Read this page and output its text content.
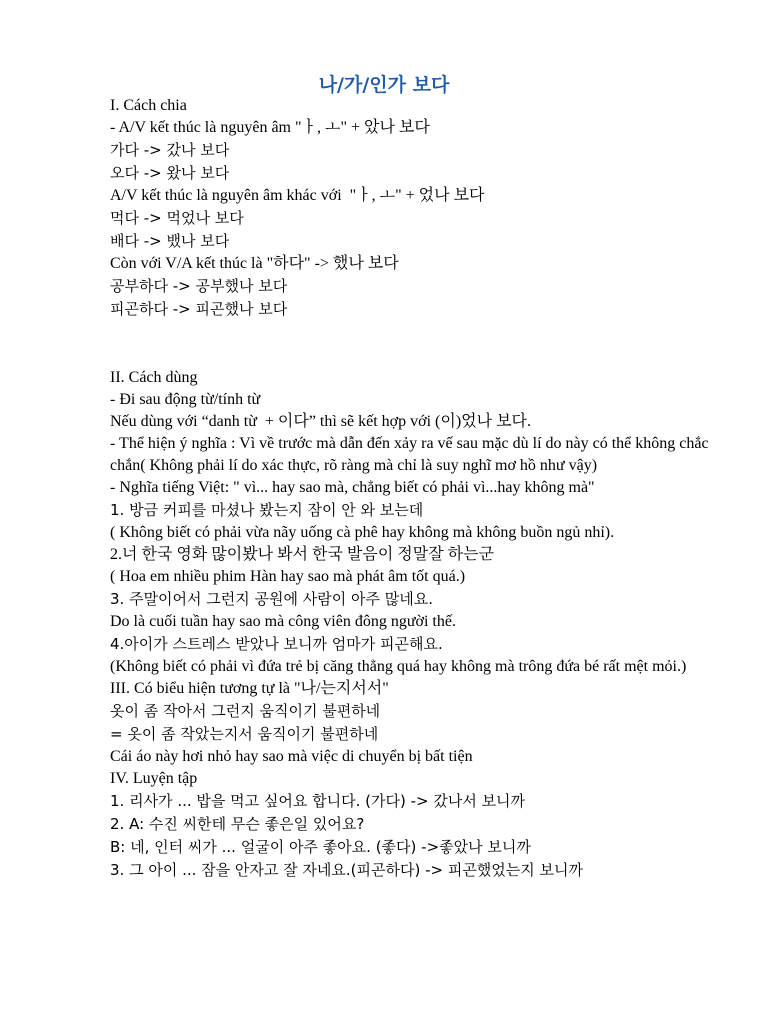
나/가/인가 보다
I. Cách chia
- A/V kết thúc là nguyên âm "ㅏ, ㅗ" + 았나 보다
가다 -> 갔나 보다
오다 -> 왔나 보다
A/V kết thúc là nguyên âm khác với  "ㅏ, ㅗ" + 었나 보다
먹다 -> 먹었나 보다
배다 -> 뱄나 보다
Còn với V/A kết thúc là "하다" -> 했나 보다
공부하다 -> 공부했나 보다
피곤하다 -> 피곤했나 보다
II. Cách dùng
- Đi sau động từ/tính từ
Nếu dùng với “danh từ  + 이다” thì sẽ kết hợp với (이)었나 보다.
- Thể hiện ý nghĩa : Vì về trước mà dẫn đến xảy ra vế sau mặc dù lí do này có thể không chắc chắn( Không phải lí do xác thực, rõ ràng mà chỉ là suy nghĩ mơ hồ như vậy)
- Nghĩa tiếng Việt: " vì... hay sao mà, chẳng biết có phải vì...hay không mà"
1. 방금 커피를 마셨나 봤는지 잠이 안 와 보는데
( Không biết có phải vừa nãy uống cà phê hay không mà không buồn ngủ nhỉ).
2.너 한국 영화 많이봤나 봐서 한국 발음이 정말잘 하는군
( Hoa em nhiều phim Hàn hay sao mà phát âm tốt quá.)
3. 주말이어서 그런지 공원에 사람이 아주 많네요.
Do là cuối tuần hay sao mà công viên đông người thế.
4.아이가 스트레스 받았나 보니까 엄마가 피곤해요.
(Không biết có phải vì đứa trẻ bị căng thẳng quá hay không mà trông đứa bé rất mệt mỏi.)
III. Có biểu hiện tương tự là "나/는지서서"
옷이 좀 작아서 그런지 움직이기 불편하네
= 옷이 좀 작았는지서 움직이기 불편하네
Cái áo này hơi nhỏ hay sao mà việc di chuyển bị bất tiện
IV. Luyện tập
1. 리사가 ... 밥을 먹고 싶어요 합니다. (가다) -> 갔나서 보니까
2. A: 수진 씨한테 무슨 좋은일 있어요?
B: 네, 인터 씨가 ... 얼굴이 아주 좋아요. (좋다) ->좋았나 보니까
3. 그 아이 ... 잠을 안자고 잘 자네요.(피곤하다) -> 피곤했었는지 보니까
